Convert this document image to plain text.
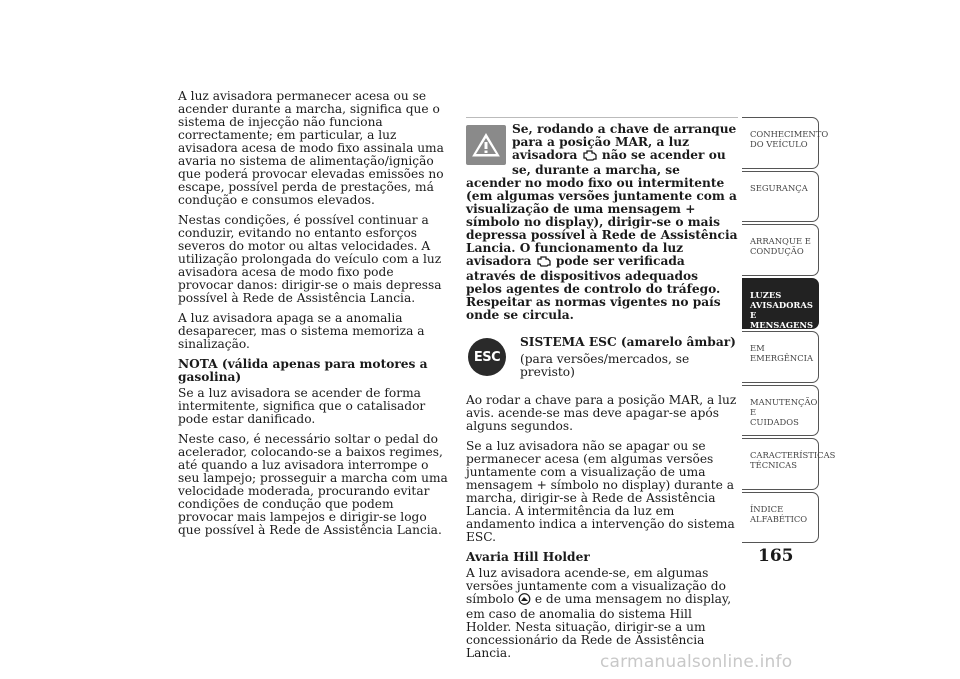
A luz avisadora permanecer acesa ou se acender durante a marcha, significa que o sistema de injecção não funciona correctamente; em particular, a luz avisadora acesa de modo fixo assinala uma avaria no sistema de alimentação/ignição que poderá provocar elevadas emissões no escape, possível perda de prestações, má condução e consumos elevados.

Nestas condições, é possível continuar a conduzir, evitando no entanto esforços severos do motor ou altas velocidades. A utilização prolongada do veículo com a luz avisadora acesa de modo fixo pode provocar danos: dirigir-se o mais depressa possível à Rede de Assistência Lancia.

A luz avisadora apaga se a anomalia desaparecer, mas o sistema memoriza a sinalização.

NOTA (válida apenas para motores a gasolina)

Se a luz avisadora se acender de forma intermitente, significa que o catalisador pode estar danificado.

Neste caso, é necessário soltar o pedal do acelerador, colocando-se a baixos regimes, até quando a luz avisadora interrompe o seu lampejo; prosseguir a marcha com uma velocidade moderada, procurando evitar condições de condução que podem provocar mais lampejos e dirigir-se logo que possível à Rede de Assistência Lancia.

Se, rodando a chave de arranque para a posição MAR, a luz avisadora não se acender ou se, durante a marcha, se acender no modo fixo ou intermitente (em algumas versões juntamente com a visualização de uma mensagem + símbolo no display), dirigir-se o mais depressa possível à Rede de Assistência Lancia. O funcionamento da luz avisadora pode ser verificada através de dispositivos adequados pelos agentes de controlo do tráfego. Respeitar as normas vigentes no país onde se circula.
ESC
SISTEMA ESC (amarelo âmbar)
(para versões/mercados, se previsto)

Ao rodar a chave para a posição MAR, a luz avis. acende-se mas deve apagar-se após alguns segundos.

Se a luz avisadora não se apagar ou se permanecer acesa (em algumas versões juntamente com a visualização de uma mensagem + símbolo no display) durante a marcha, dirigir-se à Rede de Assistência Lancia. A intermitência da luz em andamento indica a intervenção do sistema ESC.

Avaria Hill Holder

A luz avisadora acende-se, em algumas versões juntamente com a visualização do símbolo e de uma mensagem no display, em caso de anomalia do sistema Hill Holder. Nesta situação, dirigir-se a um concessionário da Rede de Assistência Lancia.

CONHECIMENTO
DO VEÍCULO
SEGURANÇA
ARRANQUE E
CONDUÇÃO
LUZES
AVISADORAS E
MENSAGENS
EM EMERGÊNCIA
MANUTENÇÃO E
CUIDADOS
CARACTERÍSTICAS
TÉCNICAS
ÍNDICE
ALFABÉTICO
165
carmanualsonline.info
